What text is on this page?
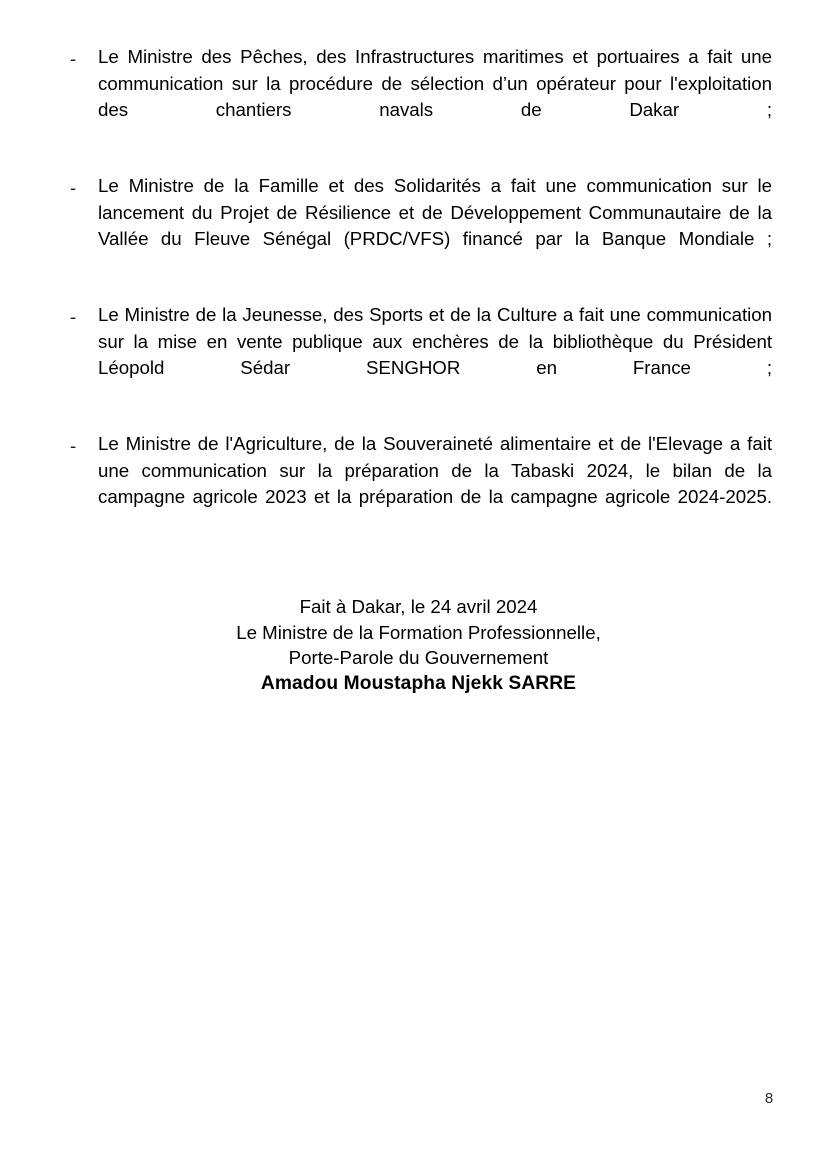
-	Le Ministre des Pêches, des Infrastructures maritimes et portuaires a fait une communication sur la procédure de sélection d’un opérateur pour l'exploitation des chantiers navals de Dakar ;
-	Le Ministre de la Famille et des Solidarités a fait une communication sur le lancement du Projet de Résilience et de Développement Communautaire de la Vallée du Fleuve Sénégal (PRDC/VFS) financé par la Banque Mondiale ;
-	Le Ministre de la Jeunesse, des Sports et de la Culture a fait une communication sur la mise en vente publique aux enchères de la bibliothèque du Président Léopold Sédar SENGHOR en France ;
-	Le Ministre de l'Agriculture, de la Souveraineté alimentaire et de l'Elevage a fait une communication sur la préparation de la Tabaski 2024, le bilan de la campagne agricole 2023 et la préparation de la campagne agricole 2024-2025.
Fait à Dakar, le 24 avril 2024
Le Ministre de la Formation Professionnelle,
Porte-Parole du Gouvernement
Amadou Moustapha Njekk SARRE
8
